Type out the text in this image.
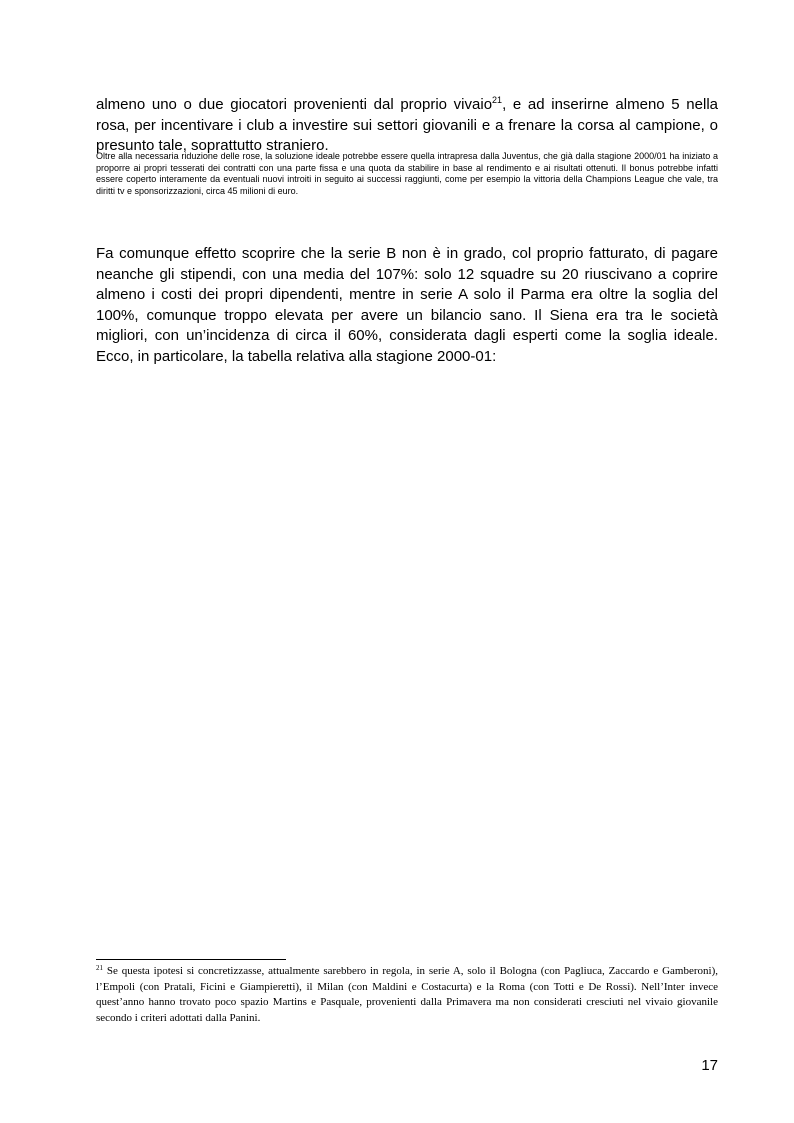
almeno uno o due giocatori provenienti dal proprio vivaio$^{21}$, e ad inserirne almeno 5 nella rosa, per incentivare i club a investire sui settori giovanili e a frenare la corsa al campione, o presunto tale, soprattutto straniero.

Oltre alla necessaria riduzione delle rose, la soluzione ideale potrebbe essere quella intrapresa dalla Juventus, che già dalla stagione 2000/01 ha iniziato a proporre ai propri tesserati dei contratti con una parte fissa e una quota da stabilire in base al rendimento e ai risultati ottenuti. Il bonus potrebbe infatti essere coperto interamente da eventuali nuovi introiti in seguito ai successi raggiunti, come per esempio la vittoria della Champions League che vale, tra diritti tv e sponsorizzazioni, circa 45 milioni di euro.

Fa comunque effetto scoprire che la serie B non è in grado, col proprio fatturato, di pagare neanche gli stipendi, con una media del 107%: solo 12 squadre su 20 riuscivano a coprire almeno i costi dei propri dipendenti, mentre in serie A solo il Parma era oltre la soglia del 100%, comunque troppo elevata per avere un bilancio sano. Il Siena era tra le società migliori, con un’incidenza di circa il 60%, considerata dagli esperti come la soglia ideale. Ecco, in particolare, la tabella relativa alla stagione 2000-01:

$^{21}$ Se questa ipotesi si concretizzasse, attualmente sarebbero in regola, in serie A, solo il Bologna (con Pagliuca, Zaccardo e Gamberoni), l’Empoli (con Pratali, Ficini e Giampieretti), il Milan (con Maldini e Costacurta) e la Roma (con Totti e De Rossi). Nell’Inter invece quest’anno hanno trovato poco spazio Martins e Pasquale, provenienti dalla Primavera ma non considerati cresciuti nel vivaio giovanile secondo i criteri adottati dalla Panini.

17
